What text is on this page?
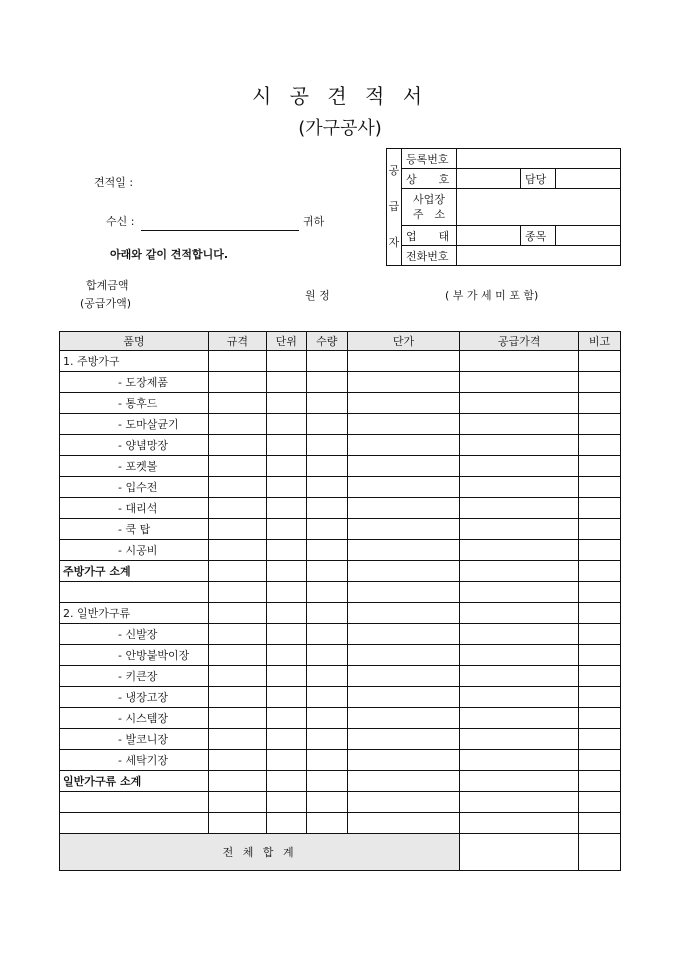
시 공 견 적 서
(가구공사)
견적일 :
수신 :	귀하
아래와 같이 견적합니다.
합계금액
(공급가액)
원 정	( 부 가 세 미 포 함)
공
급
자	등록번호			
	상　　호		담당	

	사업장
주　소			

	업　　태		종목	
	전화번호			
품명	규격	단위	수량	단가	공급가격	비고
1. 주방가구						
- 도장제품						
- 통후드						
- 도마살균기						
- 양념망장						
- 포켓볼						
- 입수전						
- 대리석						
- 쿡 탑						
- 시공비						
주방가구 소계						

2. 일반가구류						
- 신발장						
- 안방붙박이장						
- 키큰장						
- 냉장고장						
- 시스템장						
- 발코니장						
- 세탁기장						
일반가구류 소계						

전 체 합 계						
